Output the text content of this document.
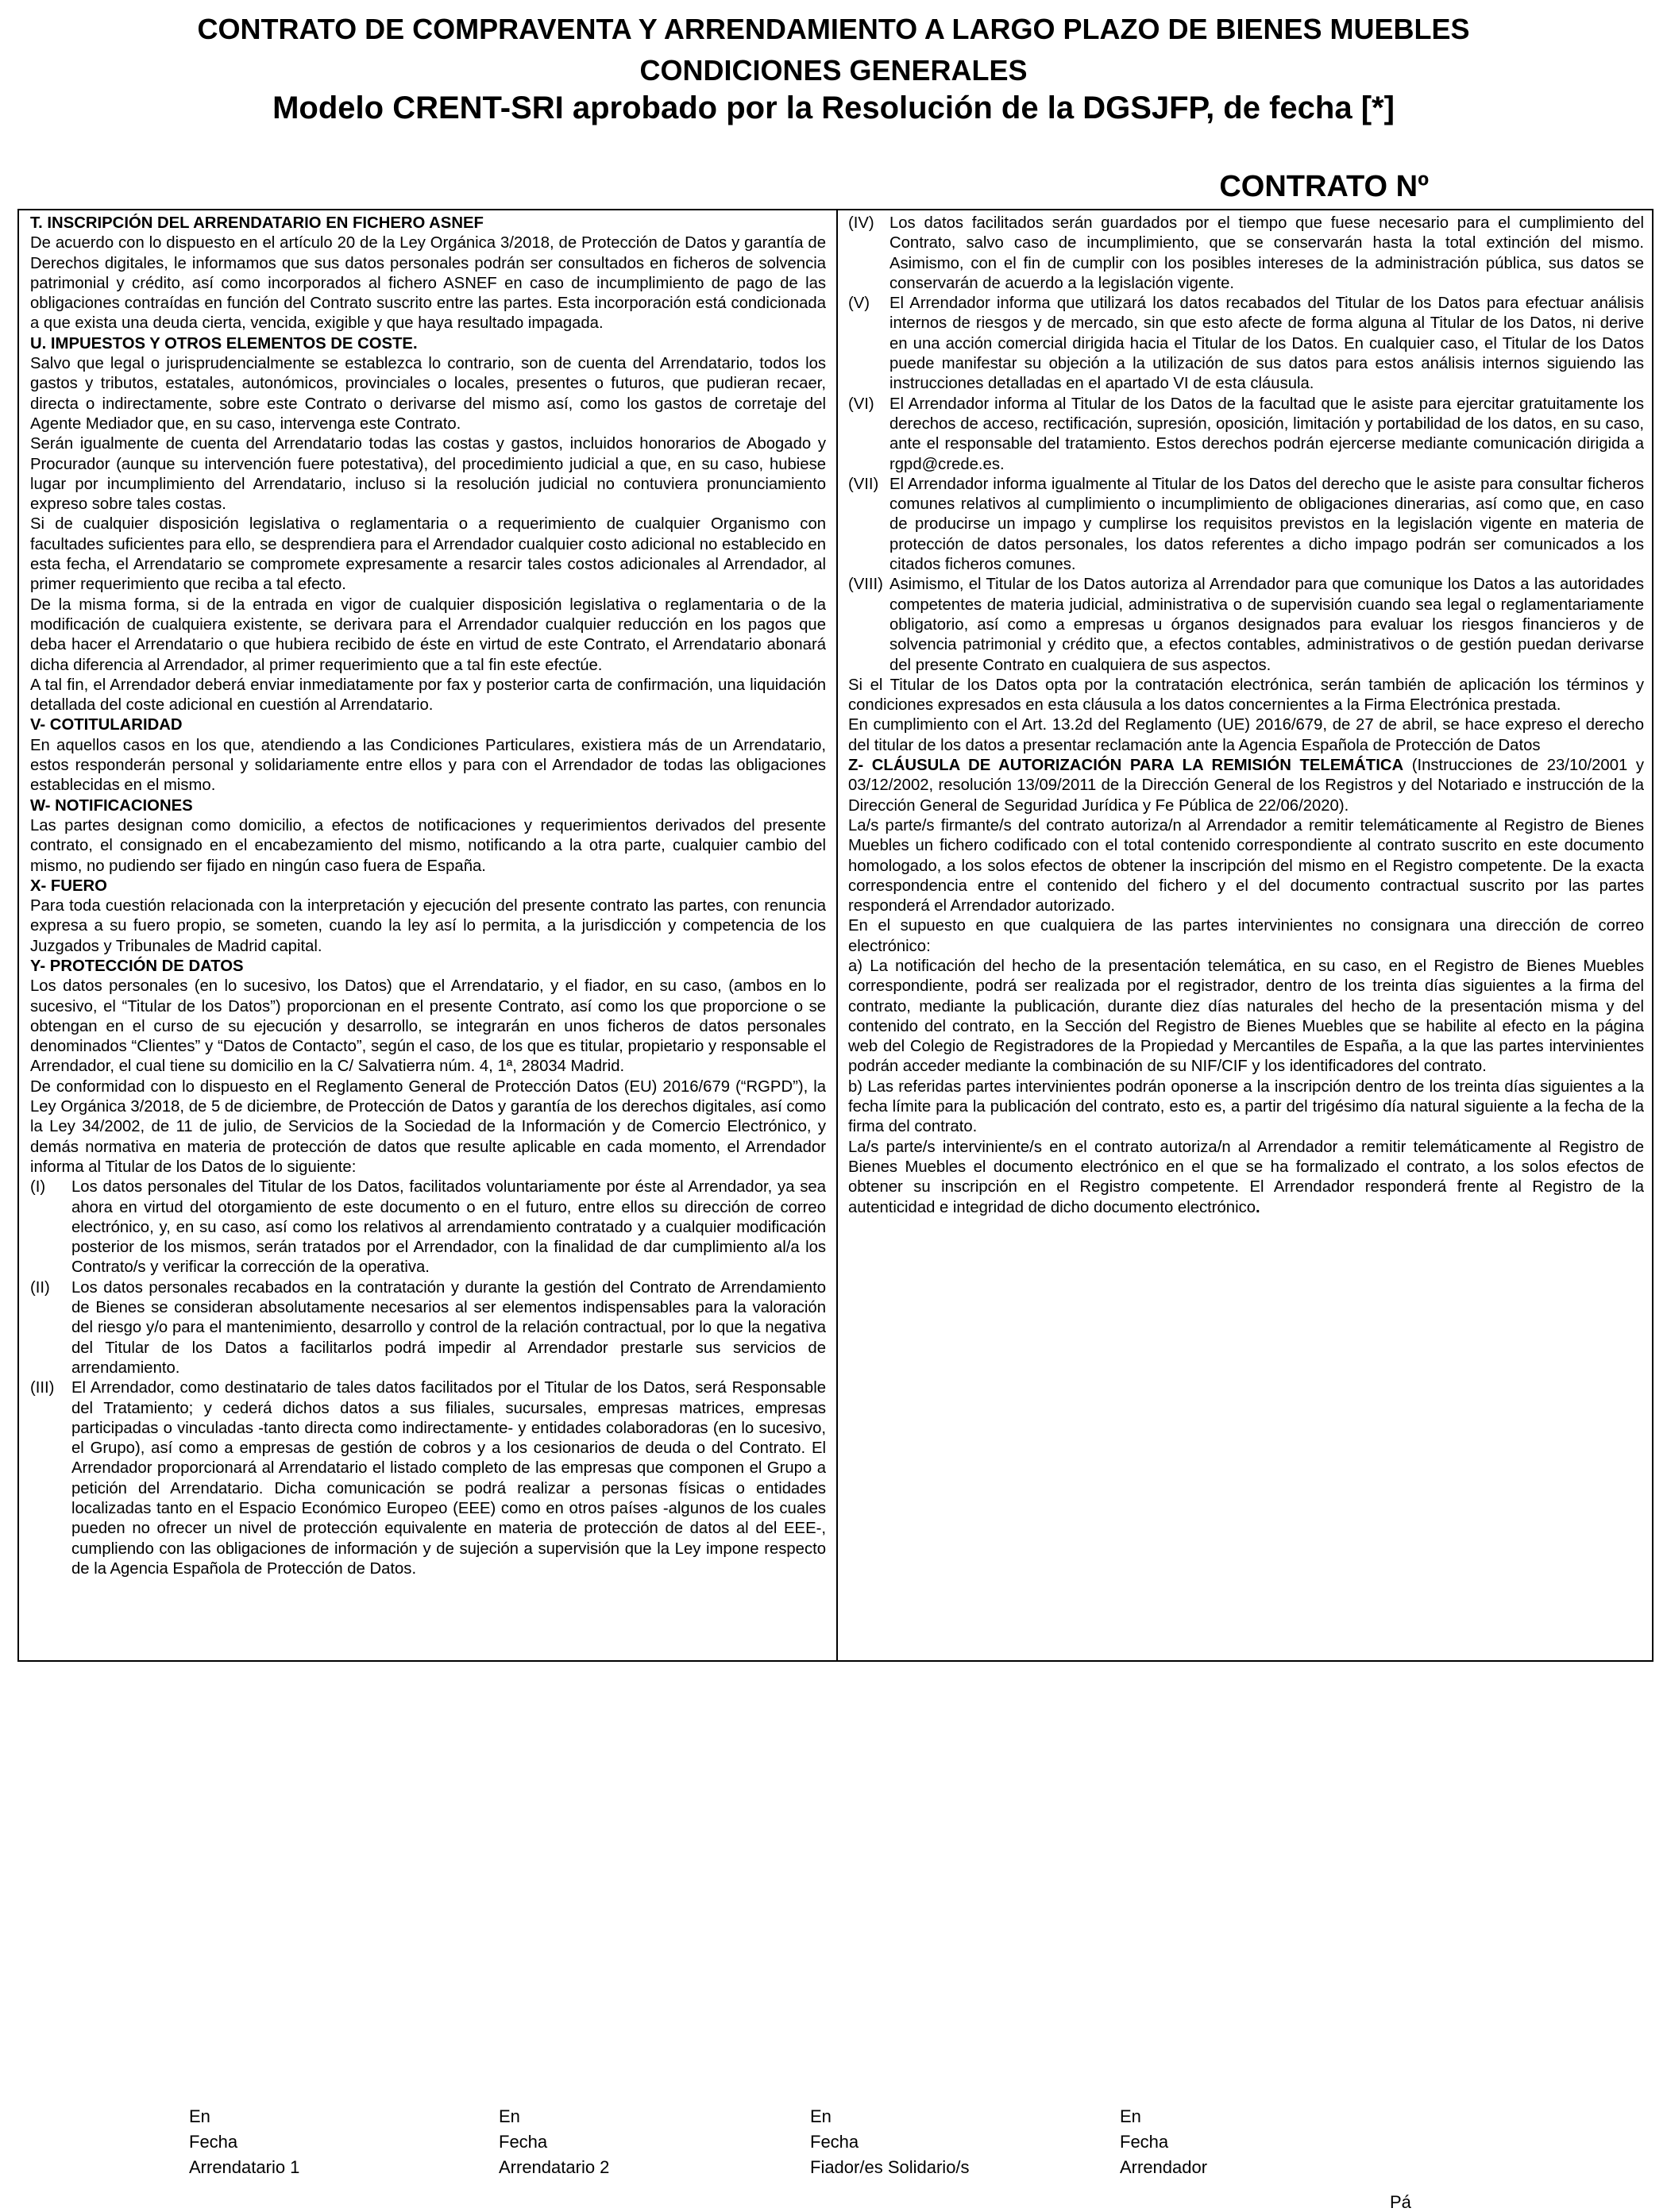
CONTRATO DE COMPRAVENTA Y ARRENDAMIENTO A LARGO PLAZO DE BIENES MUEBLES
CONDICIONES GENERALES
Modelo CRENT-SRI aprobado por la Resolución de la DGSJFP, de fecha [*]
CONTRATO Nº

T. INSCRIPCIÓN DEL ARRENDATARIO EN FICHERO ASNEF

De acuerdo con lo dispuesto en el artículo 20 de la Ley Orgánica 3/2018, de Protección de Datos y garantía de Derechos digitales, le informamos que sus datos personales podrán ser consultados en ficheros de solvencia patrimonial y crédito, así como incorporados al fichero ASNEF en caso de incumplimiento de pago de las obligaciones contraídas en función del Contrato suscrito entre las partes. Esta incorporación está condicionada a que exista una deuda cierta, vencida, exigible y que haya resultado impagada.

U. IMPUESTOS Y OTROS ELEMENTOS DE COSTE.

Salvo que legal o jurisprudencialmente se establezca lo contrario, son de cuenta del Arrendatario, todos los gastos y tributos, estatales, autonómicos, provinciales o locales, presentes o futuros, que pudieran recaer, directa o indirectamente, sobre este Contrato o derivarse del mismo así, como los gastos de corretaje del Agente Mediador que, en su caso, intervenga este Contrato.

Serán igualmente de cuenta del Arrendatario todas las costas y gastos, incluidos honorarios de Abogado y Procurador (aunque su intervención fuere potestativa), del procedimiento judicial a que, en su caso, hubiese lugar por incumplimiento del Arrendatario, incluso si la resolución judicial no contuviera pronunciamiento expreso sobre tales costas.

Si de cualquier disposición legislativa o reglamentaria o a requerimiento de cualquier Organismo con facultades suficientes para ello, se desprendiera para el Arrendador cualquier costo adicional no establecido en esta fecha, el Arrendatario se compromete expresamente a resarcir tales costos adicionales al Arrendador, al primer requerimiento que reciba a tal efecto.

De la misma forma, si de la entrada en vigor de cualquier disposición legislativa o reglamentaria o de la modificación de cualquiera existente, se derivara para el Arrendador cualquier reducción en los pagos que deba hacer el Arrendatario o que hubiera recibido de éste en virtud de este Contrato, el Arrendatario abonará dicha diferencia al Arrendador, al primer requerimiento que a tal fin este efectúe.

A tal fin, el Arrendador deberá enviar inmediatamente por fax y posterior carta de confirmación, una liquidación detallada del coste adicional en cuestión al Arrendatario.

V- COTITULARIDAD

En aquellos casos en los que, atendiendo a las Condiciones Particulares, existiera más de un Arrendatario, estos responderán personal y solidariamente entre ellos y para con el Arrendador de todas las obligaciones establecidas en el mismo.

W- NOTIFICACIONES

Las partes designan como domicilio, a efectos de notificaciones y requerimientos derivados del presente contrato, el consignado en el encabezamiento del mismo, notificando a la otra parte, cualquier cambio del mismo, no pudiendo ser fijado en ningún caso fuera de España.

X- FUERO

Para toda cuestión relacionada con la interpretación y ejecución del presente contrato las partes, con renuncia expresa a su fuero propio, se someten, cuando la ley así lo permita, a la jurisdicción y competencia de los Juzgados y Tribunales de Madrid capital.

Y- PROTECCIÓN DE DATOS

Los datos personales (en lo sucesivo, los Datos) que el Arrendatario, y el fiador, en su caso, (ambos en lo sucesivo, el “Titular de los Datos”) proporcionan en el presente Contrato, así como los que proporcione o se obtengan en el curso de su ejecución y desarrollo, se integrarán en unos ficheros de datos personales denominados “Clientes” y “Datos de Contacto”, según el caso, de los que es titular, propietario y responsable el Arrendador, el cual tiene su domicilio en la C/ Salvatierra núm. 4, 1ª, 28034 Madrid.

De conformidad con lo dispuesto en el Reglamento General de Protección Datos (EU) 2016/679 (“RGPD”), la Ley Orgánica 3/2018, de 5 de diciembre, de Protección de Datos y garantía de los derechos digitales, así como la Ley 34/2002, de 11 de julio, de Servicios de la Sociedad de la Información y de Comercio Electrónico, y demás normativa en materia de protección de datos que resulte aplicable en cada momento, el Arrendador informa al Titular de los Datos de lo siguiente:

(I)	Los datos personales del Titular de los Datos, facilitados voluntariamente por éste al Arrendador, ya sea ahora en virtud del otorgamiento de este documento o en el futuro, entre ellos su dirección de correo electrónico, y, en su caso, así como los relativos al arrendamiento contratado y a cualquier modificación posterior de los mismos, serán tratados por el Arrendador, con la finalidad de dar cumplimiento al/a los Contrato/s y verificar la corrección de la operativa.
(II)	Los datos personales recabados en la contratación y durante la gestión del Contrato de Arrendamiento de Bienes se consideran absolutamente necesarios al ser elementos indispensables para la valoración del riesgo y/o para el mantenimiento, desarrollo y control de la relación contractual, por lo que la negativa del Titular de los Datos a facilitarlos podrá impedir al Arrendador prestarle sus servicios de arrendamiento.
(III)	El Arrendador, como destinatario de tales datos facilitados por el Titular de los Datos, será Responsable del Tratamiento; y cederá dichos datos a sus filiales, sucursales, empresas matrices, empresas participadas o vinculadas -tanto directa como indirectamente- y entidades colaboradoras (en lo sucesivo, el Grupo), así como a empresas de gestión de cobros y a los cesionarios de deuda o del Contrato. El Arrendador proporcionará al Arrendatario el listado completo de las empresas que componen el Grupo a petición del Arrendatario. Dicha comunicación se podrá realizar a personas físicas o entidades localizadas tanto en el Espacio Económico Europeo (EEE) como en otros países -algunos de los cuales pueden no ofrecer un nivel de protección equivalente en materia de protección de datos al del EEE-, cumpliendo con las obligaciones de información y de sujeción a supervisión que la Ley impone respecto de la Agencia Española de Protección de Datos.
(IV) Los datos facilitados serán guardados por el tiempo que fuese necesario para el cumplimiento del Contrato, salvo caso de incumplimiento, que se conservarán hasta la total extinción del mismo. Asimismo, con el fin de cumplir con los posibles intereses de la administración pública, sus datos se conservarán de acuerdo a la legislación vigente.
(V)	El Arrendador informa que utilizará los datos recabados del Titular de los Datos para efectuar análisis internos de riesgos y de mercado, sin que esto afecte de forma alguna al Titular de los Datos, ni derive en una acción comercial dirigida hacia el Titular de los Datos. En cualquier caso, el Titular de los Datos puede manifestar su objeción a la utilización de sus datos para estos análisis internos siguiendo las instrucciones detalladas en el apartado VI de esta cláusula.
(VI) El Arrendador informa al Titular de los Datos de la facultad que le asiste para ejercitar gratuitamente los derechos de acceso, rectificación, supresión, oposición, limitación y portabilidad de los datos, en su caso, ante el responsable del tratamiento. Estos derechos podrán ejercerse mediante comunicación dirigida a rgpd@crede.es.
(VII) El Arrendador informa igualmente al Titular de los Datos del derecho que le asiste para consultar ficheros comunes relativos al cumplimiento o incumplimiento de obligaciones dinerarias, así como que, en caso de producirse un impago y cumplirse los requisitos previstos en la legislación vigente en materia de protección de datos personales, los datos referentes a dicho impago podrán ser comunicados a los citados ficheros comunes.
(VIII) Asimismo, el Titular de los Datos autoriza al Arrendador para que comunique los Datos a las autoridades competentes de materia judicial, administrativa o de supervisión cuando sea legal o reglamentariamente obligatorio, así como a empresas u órganos designados para evaluar los riesgos financieros y de solvencia patrimonial y crédito que, a efectos contables, administrativos o de gestión puedan derivarse del presente Contrato en cualquiera de sus aspectos.

Si el Titular de los Datos opta por la contratación electrónica, serán también de aplicación los términos y condiciones expresados en esta cláusula a los datos concernientes a la Firma Electrónica prestada.

En cumplimiento con el Art. 13.2d del Reglamento (UE) 2016/679, de 27 de abril, se hace expreso el derecho del titular de los datos a presentar reclamación ante la Agencia Española de Protección de Datos

Z- CLÁUSULA DE AUTORIZACIÓN PARA LA REMISIÓN TELEMÁTICA (Instrucciones de 23/10/2001 y 03/12/2002, resolución 13/09/2011 de la Dirección General de los Registros y del Notariado e instrucción de la Dirección General de Seguridad Jurídica y Fe Pública de 22/06/2020).

La/s parte/s firmante/s del contrato autoriza/n al Arrendador a remitir telemáticamente al Registro de Bienes Muebles un fichero codificado con el total contenido correspondiente al contrato suscrito en este documento homologado, a los solos efectos de obtener la inscripción del mismo en el Registro competente. De la exacta correspondencia entre el contenido del fichero y el del documento contractual suscrito por las partes responderá el Arrendador autorizado.

En el supuesto en que cualquiera de las partes intervinientes no consignara una dirección de correo electrónico:

a) La notificación del hecho de la presentación telemática, en su caso, en el Registro de Bienes Muebles correspondiente, podrá ser realizada por el registrador, dentro de los treinta días siguientes a la firma del contrato, mediante la publicación, durante diez días naturales del hecho de la presentación misma y del contenido del contrato, en la Sección del Registro de Bienes Muebles que se habilite al efecto en la página web del Colegio de Registradores de la Propiedad y Mercantiles de España, a la que las partes intervinientes podrán acceder mediante la combinación de su NIF/CIF y los identificadores del contrato.

b) Las referidas partes intervinientes podrán oponerse a la inscripción dentro de los treinta días siguientes a la fecha límite para la publicación del contrato, esto es, a partir del trigésimo día natural siguiente a la fecha de la firma del contrato.

La/s parte/s interviniente/s en el contrato autoriza/n al Arrendador a remitir telemáticamente al Registro de Bienes Muebles el documento electrónico en el que se ha formalizado el contrato, a los solos efectos de obtener su inscripción en el Registro competente. El Arrendador responderá frente al Registro de la autenticidad e integridad de dicho documento electrónico.

En
Fecha
Arrendatario 1
En
Fecha
Arrendatario 2
En
Fecha
Fiador/es Solidario/s
En
Fecha
Arrendador
Pá
